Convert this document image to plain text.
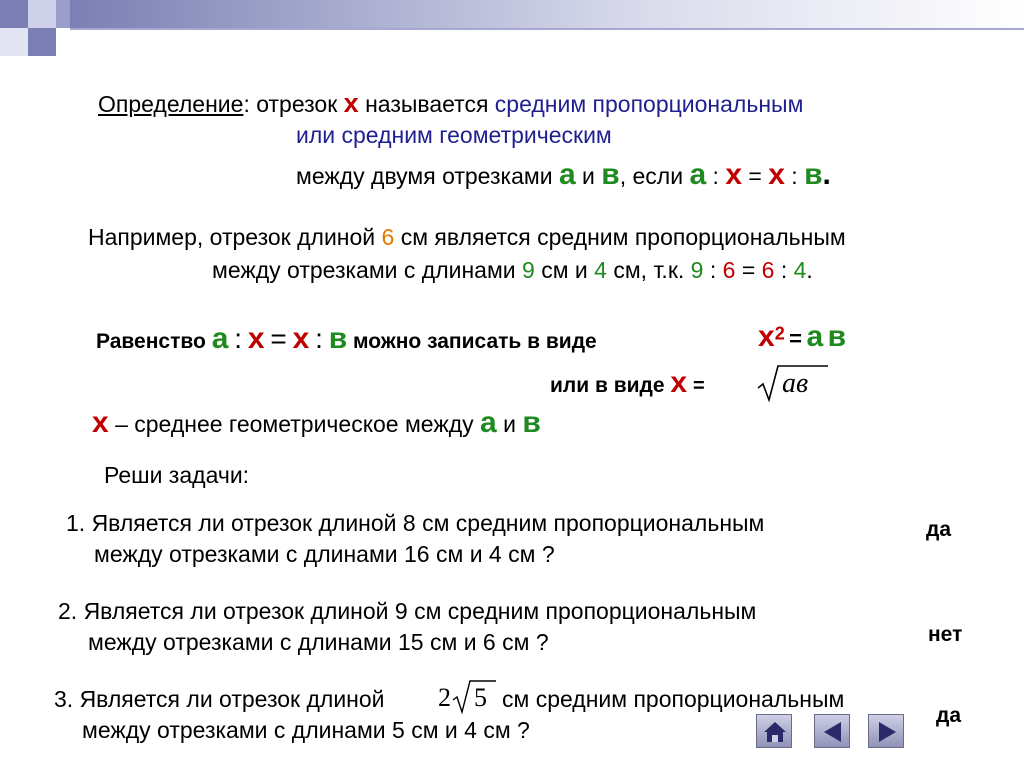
Определение: отрезок х называется средним пропорциональным
или средним геометрическим
между двумя отрезками а и в, если а : х = х : в.
Например, отрезок длиной 6 см является средним пропорциональным
между отрезками с длинами 9 см и 4 см, т.к. 9 : 6 = 6 : 4.
Равенство а : х = х : в можно записать в виде	$х^2 = а$ в
или в виде х =	ав
х – среднее геометрическое между а и в
Реши задачи:
1. Является ли отрезок длиной 8 см средним пропорциональным
между отрезками с длинами 16 см и 4 см ?
да
2. Является ли отрезок длиной 9 см средним пропорциональным
между отрезками с длинами 15 см и 6 см ?	нет
3. Является ли отрезок длиной 2 5 см средним пропорциональным
между отрезками с длинами 5 см и 4 см ?
да
